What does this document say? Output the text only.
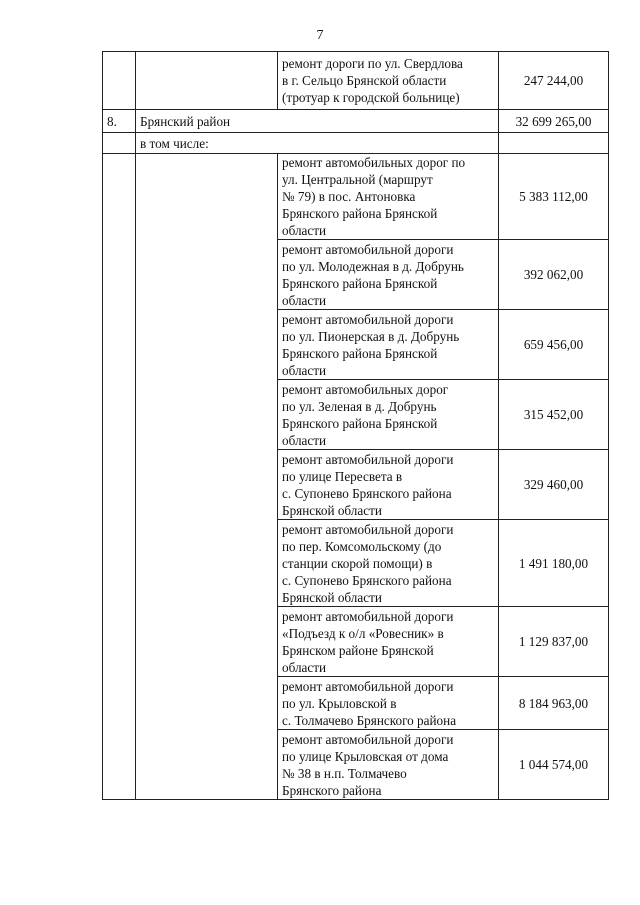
7

		ремонт дороги по ул. Свердлова
в г. Сельцо Брянской области
(тротуар к городской больнице)	247 244,00
8.	Брянский район		32 699 265,00
	в том числе:		

		ремонт автомобильных дорог по
ул. Центральной (маршрут
№ 79) в пос. Антоновка
Брянского района Брянской
области	5 383 112,00

		ремонт автомобильной дороги
по ул. Молодежная в д. Добрунь
Брянского района Брянской
области	392 062,00

		ремонт автомобильной дороги
по ул. Пионерская в д. Добрунь
Брянского района Брянской
области	659 456,00

		ремонт автомобильных дорог
по ул. Зеленая в д. Добрунь
Брянского района Брянской
области	315 452,00

		ремонт автомобильной дороги
по улице Пересвета в
с. Супонево Брянского района
Брянской области	329 460,00

		ремонт автомобильной дороги
по пер. Комсомольскому (до
станции скорой помощи) в
с. Супонево Брянского района
Брянской области	1 491 180,00

		ремонт автомобильной дороги
«Подъезд к о/л «Ровесник» в
Брянском районе Брянской
области	1 129 837,00

		ремонт автомобильной дороги
по ул. Крыловской в
с. Толмачево Брянского района	8 184 963,00

		ремонт автомобильной дороги
по улице Крыловская от дома
№ 38 в н.п. Толмачево
Брянского района	1 044 574,00
